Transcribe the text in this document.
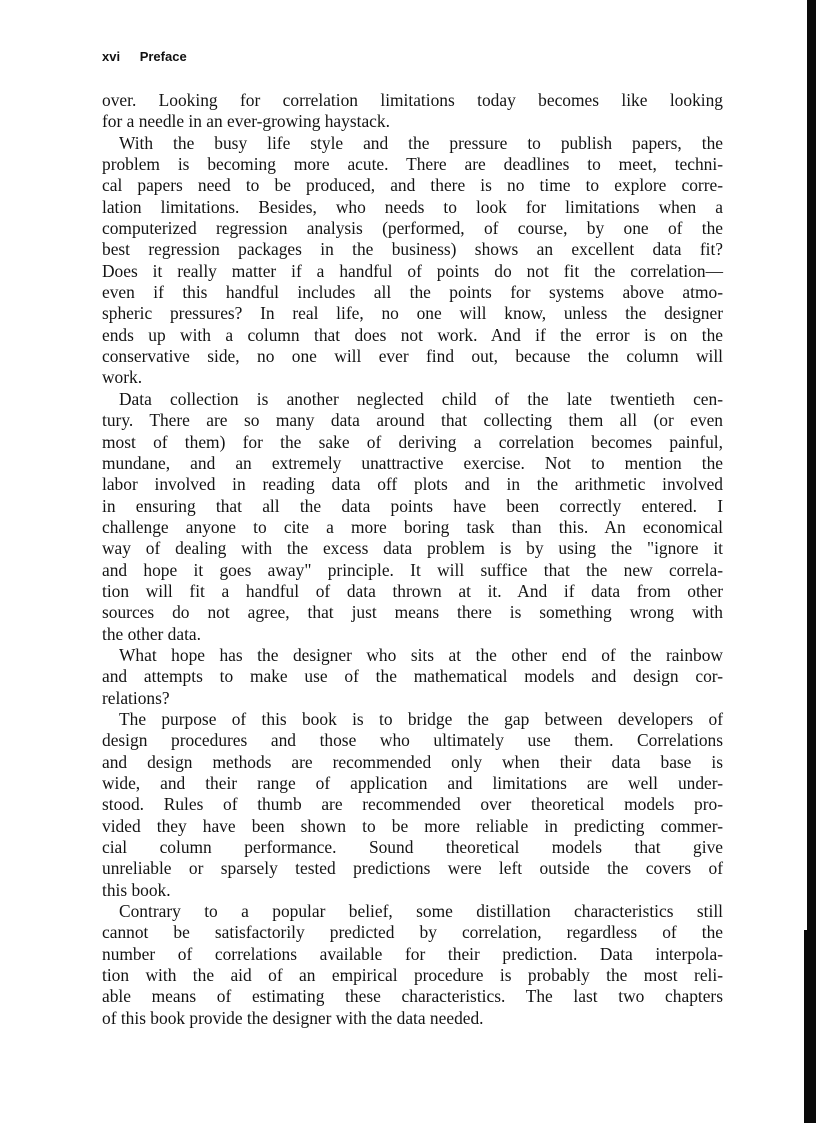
xvi Preface
over. Looking for correlation limitations today becomes like looking
for a needle in an ever-growing haystack.
With the busy life style and the pressure to publish papers, the
problem is becoming more acute. There are deadlines to meet, techni-
cal papers need to be produced, and there is no time to explore corre-
lation limitations. Besides, who needs to look for limitations when a
computerized regression analysis (performed, of course, by one of the
best regression packages in the business) shows an excellent data fit?
Does it really matter if a handful of points do not fit the correlation—
even if this handful includes all the points for systems above atmo-
spheric pressures? In real life, no one will know, unless the designer
ends up with a column that does not work. And if the error is on the
conservative side, no one will ever find out, because the column will
work.
Data collection is another neglected child of the late twentieth cen-
tury. There are so many data around that collecting them all (or even
most of them) for the sake of deriving a correlation becomes painful,
mundane, and an extremely unattractive exercise. Not to mention the
labor involved in reading data off plots and in the arithmetic involved
in ensuring that all the data points have been correctly entered. I
challenge anyone to cite a more boring task than this. An economical
way of dealing with the excess data problem is by using the "ignore it
and hope it goes away" principle. It will suffice that the new correla-
tion will fit a handful of data thrown at it. And if data from other
sources do not agree, that just means there is something wrong with
the other data.
What hope has the designer who sits at the other end of the rainbow
and attempts to make use of the mathematical models and design cor-
relations?
The purpose of this book is to bridge the gap between developers of
design procedures and those who ultimately use them. Correlations
and design methods are recommended only when their data base is
wide, and their range of application and limitations are well under-
stood. Rules of thumb are recommended over theoretical models pro-
vided they have been shown to be more reliable in predicting commer-
cial column performance. Sound theoretical models that give
unreliable or sparsely tested predictions were left outside the covers of
this book.
Contrary to a popular belief, some distillation characteristics still
cannot be satisfactorily predicted by correlation, regardless of the
number of correlations available for their prediction. Data interpola-
tion with the aid of an empirical procedure is probably the most reli-
able means of estimating these characteristics. The last two chapters
of this book provide the designer with the data needed.
